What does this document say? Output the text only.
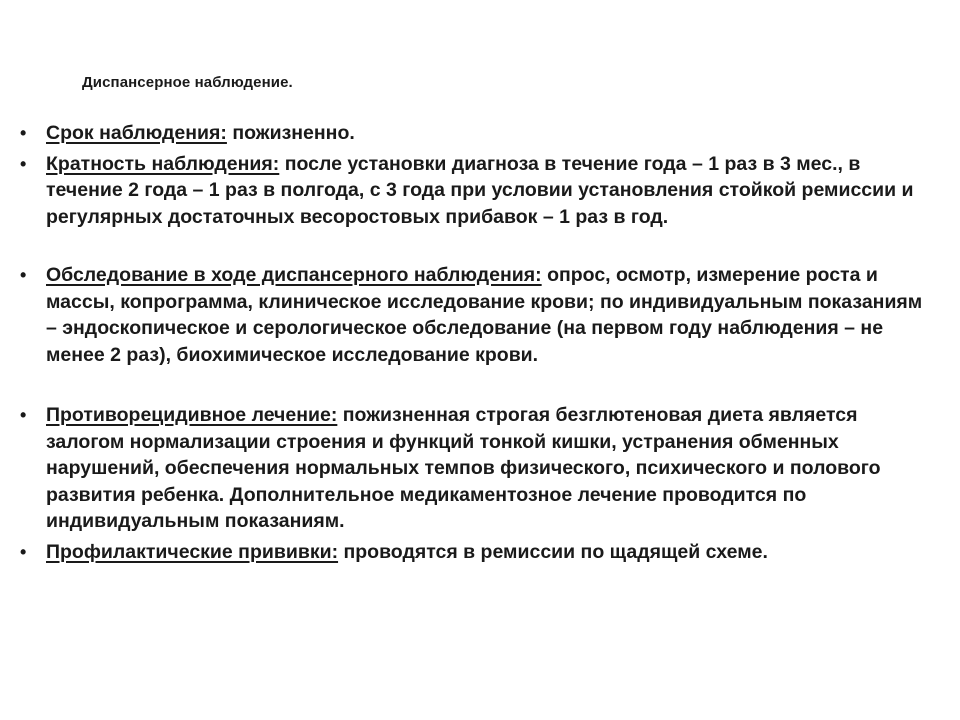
Диспансерное наблюдение.
• Срок наблюдения: пожизненно.
• Кратность наблюдения: после установки диагноза в течение года – 1 раз в 3 мес., в течение 2 года – 1 раз в полгода, с 3 года при условии установления стойкой ремиссии и регулярных достаточных весоростовых прибавок – 1 раз в год.
• Обследование в ходе диспансерного наблюдения: опрос, осмотр, измерение роста и массы, копрограмма, клиническое исследование крови; по индивидуальным показаниям – эндоскопическое и серологическое обследование (на первом году наблюдения – не менее 2 раз), биохимическое исследование крови.
• Противорецидивное лечение: пожизненная строгая безглютеновая диета является залогом нормализации строения и функций тонкой кишки, устранения обменных нарушений, обеспечения нормальных темпов физического, психического и полового развития ребенка. Дополнительное медикаментозное лечение проводится по индивидуальным показаниям.
• Профилактические прививки: проводятся в ремиссии по щадящей схеме.
